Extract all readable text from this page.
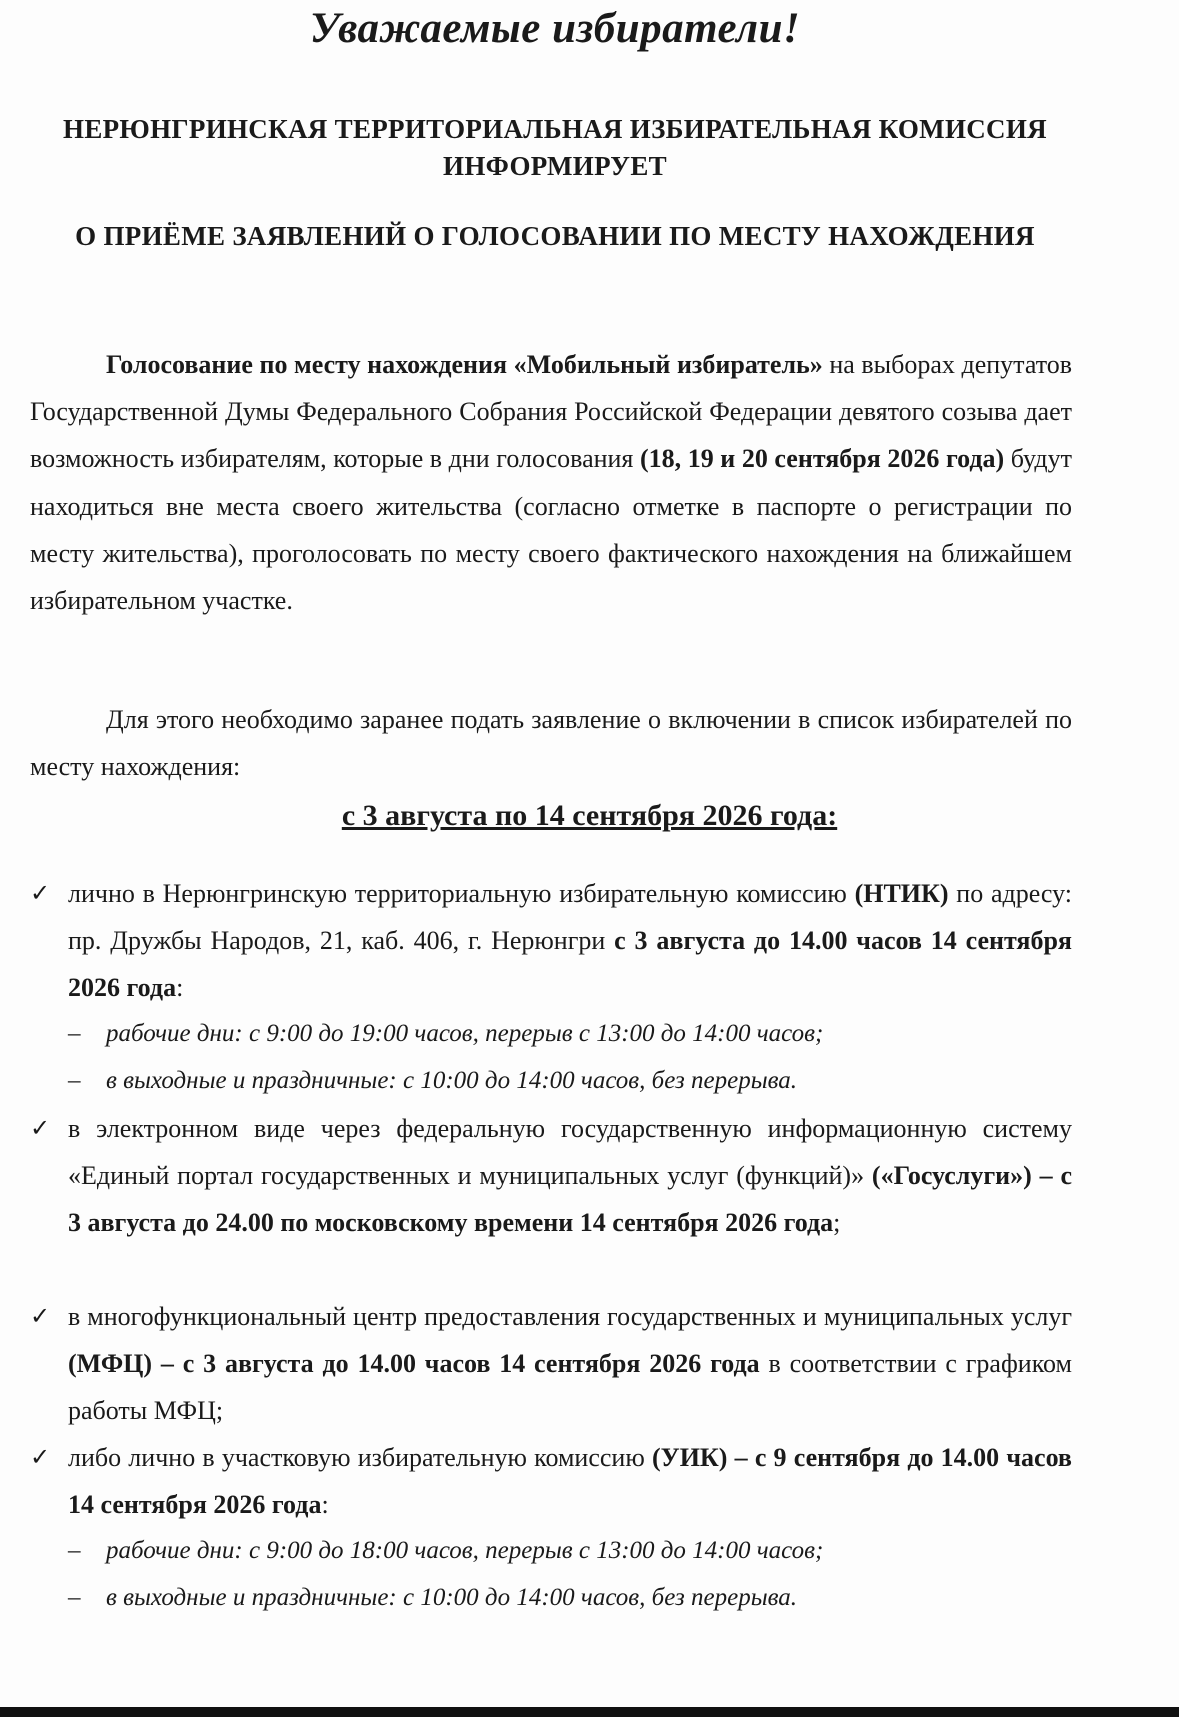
Уважаемые избиратели!
НЕРЮНГРИНСКАЯ ТЕРРИТОРИАЛЬНАЯ ИЗБИРАТЕЛЬНАЯ КОМИССИЯ ИНФОРМИРУЕТ
О ПРИЁМЕ ЗАЯВЛЕНИЙ О ГОЛОСОВАНИИ ПО МЕСТУ НАХОЖДЕНИЯ
Голосование по месту нахождения «Мобильный избиратель» на выборах депутатов Государственной Думы Федерального Собрания Российской Федерации девятого созыва дает возможность избирателям, которые в дни голосования (18, 19 и 20 сентября 2026 года) будут находиться вне места своего жительства (согласно отметке в паспорте о регистрации по месту жительства), проголосовать по месту своего фактического нахождения на ближайшем избирательном участке.
Для этого необходимо заранее подать заявление о включении в список избирателей по месту нахождения:
с 3 августа по 14 сентября 2026 года:
✓ лично в Нерюнгринскую территориальную избирательную комиссию (НТИК) по адресу: пр. Дружбы Народов, 21, каб. 406, г. Нерюнгри с 3 августа до 14.00 часов 14 сентября 2026 года:
– рабочие дни: с 9:00 до 19:00 часов, перерыв с 13:00 до 14:00 часов;
– в выходные и праздничные: с 10:00 до 14:00 часов, без перерыва.
✓ в электронном виде через федеральную государственную информационную систему «Единый портал государственных и муниципальных услуг (функций)» («Госуслуги») – с 3 августа до 24.00 по московскому времени 14 сентября 2026 года;
✓ в многофункциональный центр предоставления государственных и муниципальных услуг (МФЦ) – с 3 августа до 14.00 часов 14 сентября 2026 года в соответствии с графиком работы МФЦ;
✓ либо лично в участковую избирательную комиссию (УИК) – с 9 сентября до 14.00 часов 14 сентября 2026 года:
– рабочие дни: с 9:00 до 18:00 часов, перерыв с 13:00 до 14:00 часов;
– в выходные и праздничные: с 10:00 до 14:00 часов, без перерыва.
